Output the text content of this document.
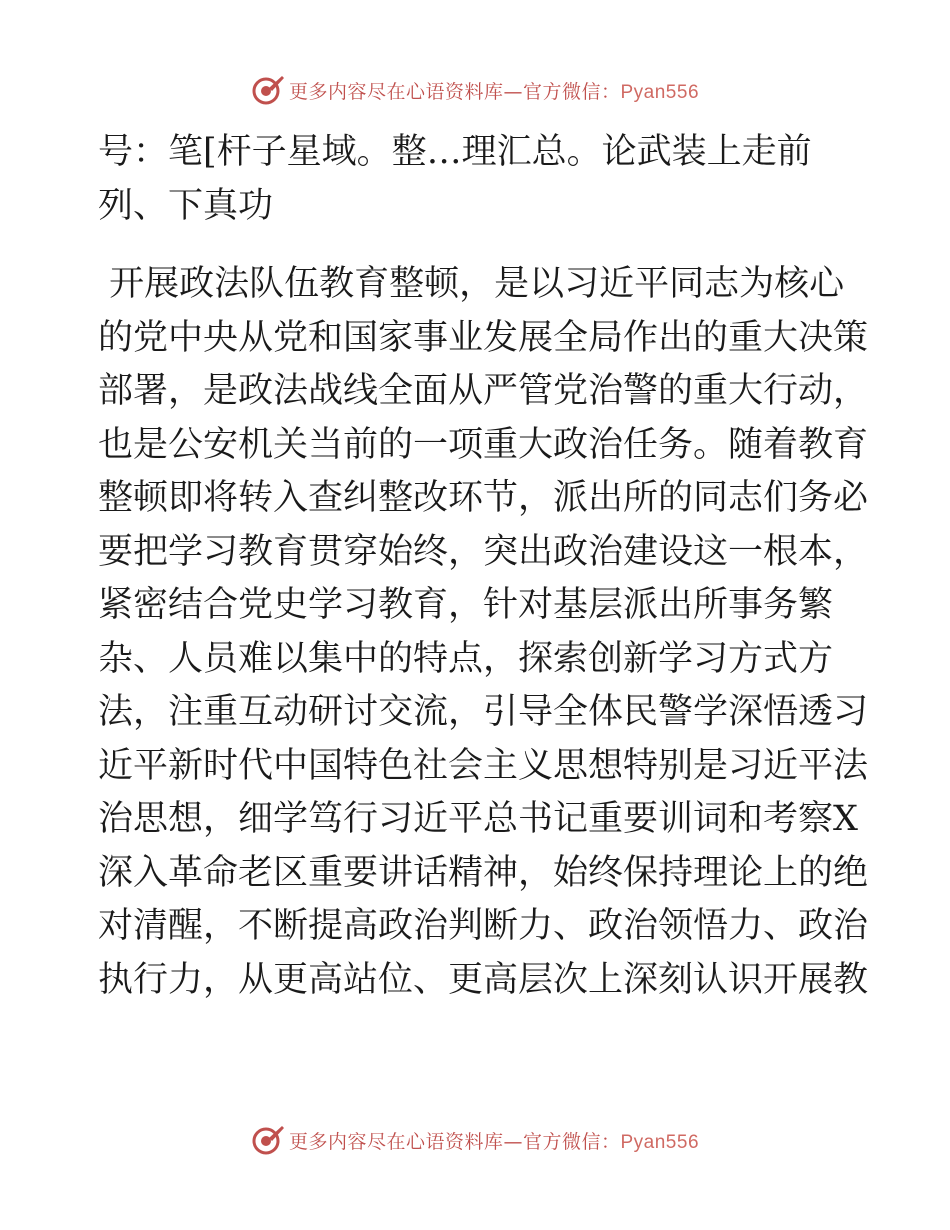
更多内容尽在心语资料库—官方微信：Pyan556
号：笔[杆子星域。整…理汇总。论武装上走前
列、下真功
开展政法队伍教育整顿，是以习近平同志为核心
的党中央从党和国家事业发展全局作出的重大决策
部署，是政法战线全面从严管党治警的重大行动，
也是公安机关当前的一项重大政治任务。随着教育
整顿即将转入查纠整改环节，派出所的同志们务必
要把学习教育贯穿始终，突出政治建设这一根本，
紧密结合党史学习教育，针对基层派出所事务繁
杂、人员难以集中的特点，探索创新学习方式方
法，注重互动研讨交流，引导全体民警学深悟透习
近平新时代中国特色社会主义思想特别是习近平法
治思想，细学笃行习近平总书记重要训词和考察X
深入革命老区重要讲话精神，始终保持理论上的绝
对清醒，不断提高政治判断力、政治领悟力、政治
执行力，从更高站位、更高层次上深刻认识开展教
更多内容尽在心语资料库—官方微信：Pyan556
